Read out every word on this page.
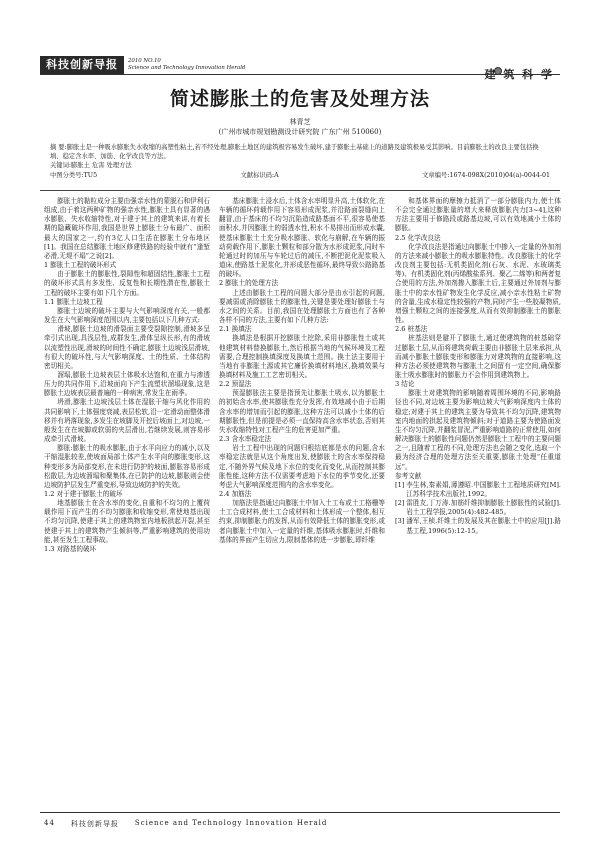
科技创新导报	2010 NO.10
Science and Technology Innovation Herald	建 筑 科 学
简述膨胀土的危害及处理方法
林青芝
(广州市城市规划勘测设计研究院 广东广州 510060)

摘 要:膨胀土是一种吸水膨胀失水收缩的高塑性粘土,若不经处理,膨胀土地区的建筑极容易发生破坏,建于膨胀土基础上的道路及建筑极易受其影响。目前膨胀土的改良主要包括换填、稳定含水率、加筋、化学改良等方法。

关键词:膨胀土 危害 处理方法

中图分类号:TU5	文献标识码:A	文章编号:1674-098X(2010)04(a)-0044-01

膨胀土的黏粒成分主要由强亲水性的蒙脱石和伊利石组成,由于着这两种矿物的强亲水性,膨胀土具有显著的遇水膨胀、失水收缩特性,对于建于其上的建筑来讲,有着长期的隐藏破坏作用,我国是世界上膨胀土分布最广、面积最大的国家之一,约有3亿人口生活在膨胀土分布地区[1]。我国在总结膨胀土地区修建铁路的经验中就有“逢堑必滑,无堤不塌”之说[2]。

1 膨胀土工程的破坏形式

由于膨胀土的膨胀性,裂隙性和超固结性,膨胀土工程的破坏形式具有多发性、反复性和长期性潜在性,膨胀土工程的破坏主要有如下几个方面。

1.1 膨胀土边坡工程

膨胀土边坡的破坏主要与大气影响深度有关,一般都发生在大气影响深度范围以内,主要包括以下几种方式:

滑坡,膨胀土边坡的滑裂面主要受裂隙控制,滑坡多呈牵引式出现,具浅层性,成群发生,滑体呈纵长形,有的滑坡以流塑性出现,滑坡的时间性不确定,膨胀土边坡浅层滑坡,有很大的破坏性,与大气影响深度、土的性质、土体结构密切相关。

溜塌,膨胀土边坡表层土体吸水达饱和,在重力与渗透压力的共同作用下,沿坡面向下产生流塑状溜塌现象,这是膨胀土边坡表层最普遍的一种病害,常发生在雨季。

坍滑,膨胀土边坡浅层土体在湿胀干缩与风化作用的共同影响下,土体强度衰减,表层松软,沿一定滑动面整体滑移并有坍落现象,多发生在坡脚及开挖后坡面上,对边坡,一般发生在在坡脚或软弱的夹层滑出,若继续发展,则容易形成牵引式滑坡。

膨胀:膨胀土的吸水膨胀,由于水平向应力的减小,以及干缩湿胀较差,使坡面局部土体产生水平向的膨胀变形,这种变形多为局部变形,在未进行防护的坡面,膨胀容易形成松散层,为边坡溜塌和聚集体,在已防护的边坡,膨胀则会使边坡防护层发生严重变形,导致边坡防护的失效。

1.2 对于建于膨胀土的破坏

地基膨胀土在含水率的变化,自重和不均匀的上覆荷载作用下而产生的不均匀膨胀和收缩变形,常使地基出现不均匀沉降,使建于其上的建筑物室内地板拱起开裂,甚至使建于其上的建筑物产生倾斜等,严重影响建筑的使用功能,甚至发生工程事故。

1.3 对路基的破坏

基床膨胀土浸水后,土体含水率明显升高,土体软化,在车辆的循环荷载作用下容易形成泥浆,并沿路面裂缝向上翻冒,由于基床的不均匀沉陷造成路基面不平,很容易使基面积水,并因膨胀土的弱透水性,积水不易排出而形成水囊,使基床膨胀土土充分吸水膨胀、软化与崩解,在车辆的振动荷载作用下,膨胀土颗粒和部分散为水形成泥浆,同时车轮通过时的加压与车轮过后的减压,不断把泥化泥浆吸入道床,使路基土泥浆化,并形成恶性循环,最终导致公路路基的破坏。

2 膨胀土的处理方法

上述由膨胀土工程的问题大部分是由水引起的问题,要减弱或消除膨胀土的膨胀性,关键是要处理好膨胀土与水之间的关系。目前,我国在处理膨胀土方面也有了各种各样不同的方法,主要有如下几种方法:

2.1 换填法

换填法是根据开挖膨胀土挖除,采用非膨胀性土或其他建筑材料替换膨胀土,然后根据当地的气候环境及工程需要,合理控制换填深度及换填土范围。换土法主要用于当地有非膨胀土源或其它廉价换填材料地区,换填效果与换填材料及施工工艺密切相关。

2.2 预湿法

预湿膨胀法主要是指预先让膨胀土吸水,以为膨胀土的初始含水率,使其膨胀性充分发挥,有效地减小由于后期含水率的增加而引起的膨胀,这种方法可以减小土体的后期膨胀性,但是前提是必须一直保持高含水率状态,否则其失水收缩特性对工程产生的危害更加严重。

2.3 含水率稳定法

岩土工程中出现的问题归根结底都是水的问题,含水率稳定法就是从这个角度出发,使膨胀土的含水率保持稳定,不随外界气候及地下水位的变化而变化,从而控制其膨胀性能,这种方法不仅需要考虑地下水位的季节变化,还要考虑大气影响深度范围内的含水率变化。

2.4 加筋法

加筋法是指通过向膨胀土中加入土工布或土工格栅等土工合成材料,使土工合成材料和土体形成一个整体,相互约束,抑制膨胀力的发挥,从而有效降低土体的膨胀变形,或者向膨胀土中加入一定量的纤维,基体吸水膨胀时,纤维和基体的界面产生切应力,限制基体的进一步膨胀,即纤维

和基体界面的摩擦力抵消了一部分膨胀内力,使土体不会完全通过膨胀量的增大来释放膨胀内力[3~4],这种方法主要用于修路段或路基边坡,可以有效地减小土体的膨胀。

2.5 化学改良法

化学改良法是指通过向膨胀土中掺入一定量的外加剂的方法来减小膨胀土的吸水膨胀特性。改良膨胀土的化学改良剂主要包括:无机类固化剂(石灰、水泥、水玻璃类等)、有机类固化剂(丙烯酸盐系列、聚乙二烯等)和两者复合使用的方法,外加剂掺入膨胀土后,主要通过外加剂与膨胀土中的亲水性矿物发生化学反应,减小亲水性粘土矿物的含量,生成水稳定性较强的产物,同时产生一些胶凝物质,增强土颗粒之间的连接强度,从而有效抑制膨胀土的膨胀性。

2.6 桩基法

桩基法则是避开了膨胀土,通过使建筑物的桩基础穿过膨胀土层,从而将建筑荷载主要由非膨胀土层来承担,从而减小膨胀土膨胀变形和膨胀力对建筑物的直接影响,这种方法必须使建筑物与膨胀土之间留有一定空间,确保膨胀土吸水膨胀时的膨胀力不会作用到建筑物上。

3 结论

膨胀土对建筑物的影响随着周围环境的不同,影响路径也不同,对边坡主要为影响边坡大气影响深度内土体的稳定;对建于其上的建筑主要为导致其不均匀沉降,建筑物室内地面的拱起及建筑物倾斜;对于道路主要为使路面发生不均匀沉降,并翻浆冒泥,严重影响道路的正常使用,如何解决膨胀土的膨胀性问题仍然是膨胀土工程中的主要问题之一,且随着工程的不同,处理方法也会随之变化,选取一个最为经济合理的处理方法至关重要,膨胀土处理“任重道远”。

参考文献

[1] 李生林,秦素娟,薄遵昭.中国膨胀土工程地质研究[M].江苏科学技术出版社,1992。

[2] 雷胜友,丁万涛.加筋纤维抑制膨胀土膨胀性的试验[J].岩土工程学报,2005(4):482-485。

[3] 潘军,王桢.纤维土的发展及其在膨胀土中的应用[J].路基工程,1996(5):12-15。

44 科技创新导报 Science and Technology Innovation Herald
